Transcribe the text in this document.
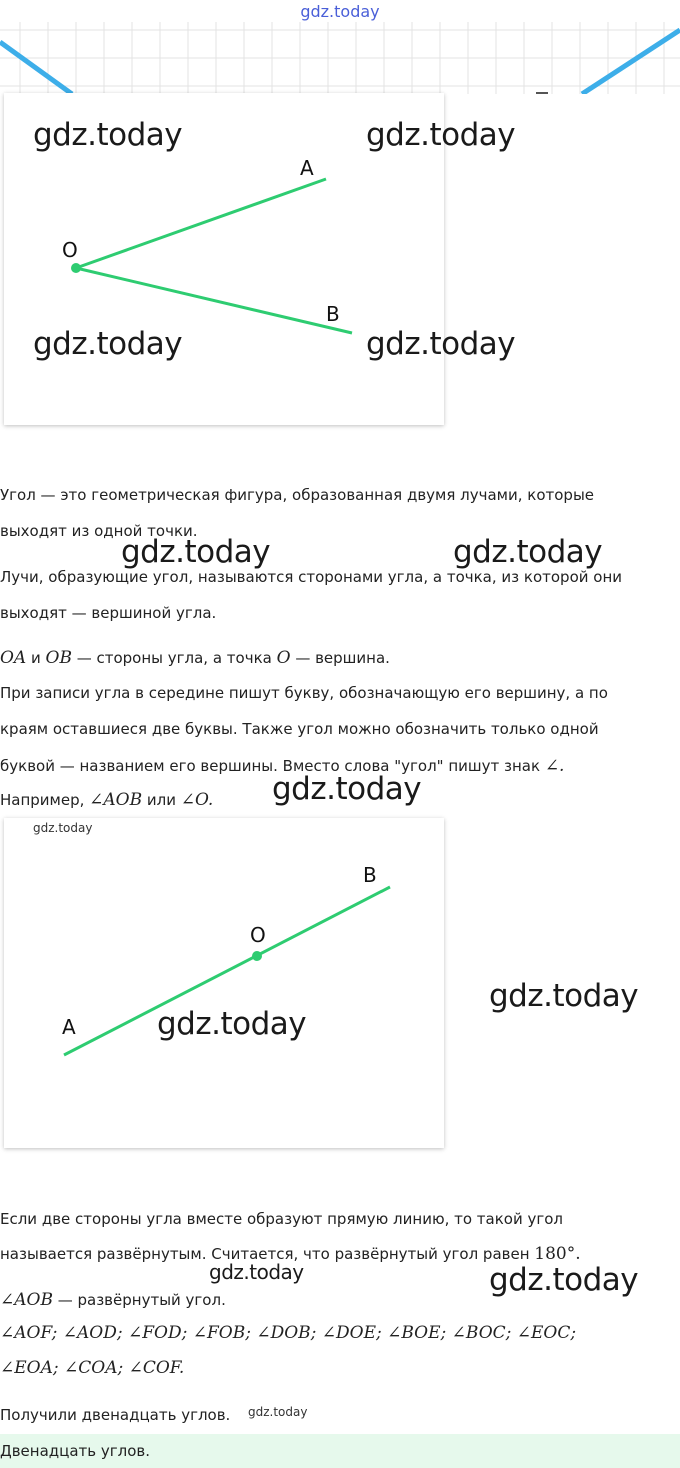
gdz.today
A
O
B
gdz.today	gdz.today
gdz.today	gdz.today
Угол — это геометрическая фигура, образованная двумя лучами, которые
выходят из одной точки.
gdz.today	gdz.today
Лучи, образующие угол, называются сторонами угла, а точка, из которой они
выходят — вершиной угла.
OA и OB — стороны угла, а точка O — вершина.
При записи угла в середине пишут букву, обозначающую его вершину, а по
краям оставшиеся две буквы. Также угол можно обозначить только одной
буквой — названием его вершины. Вместо слова "угол" пишут знак ∠.
Например, ∠AOB или ∠O.	gdz.today
B
O
A
gdz.today
gdz.today
gdz.today
Если две стороны угла вместе образуют прямую линию, то такой угол
называется развёрнутым. Считается, что развёрнутый угол равен 180°.
gdz.today	gdz.today
∠AOB — развёрнутый угол.
∠AOF; ∠AOD; ∠FOD; ∠FOB; ∠DOB; ∠DOE; ∠BOE; ∠BOC; ∠EOC;
∠EOA; ∠COA; ∠COF.
Получили двенадцать углов.	gdz.today
Двенадцать углов.
